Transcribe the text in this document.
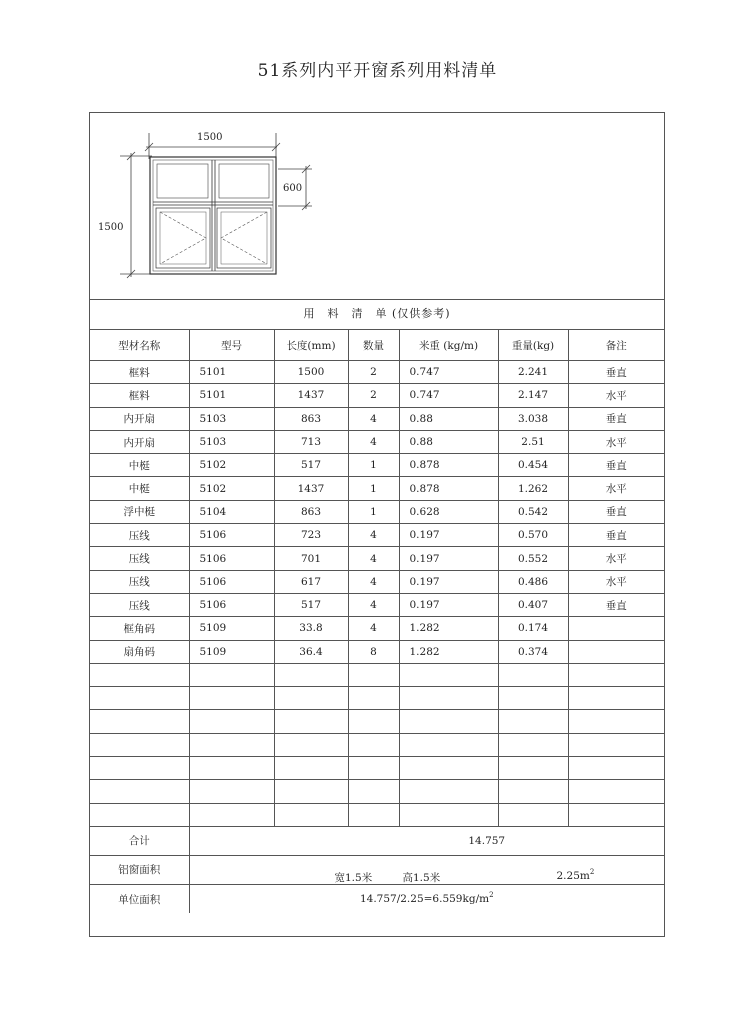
51系列内平开窗系列用料清单
1500
1500
600
用　料　清　单 (仅供参考)
型材名称	型号	长度(mm)	数量	米重 (kg/m)	重量(kg)	备注
框料	5101	1500	2	0.747	2.241	垂直
框料	5101	1437	2	0.747	2.147	水平
内开扇	5103	863	4	0.88	3.038	垂直
内开扇	5103	713	4	0.88	2.51	水平
中梃	5102	517	1	0.878	0.454	垂直
中梃	5102	1437	1	0.878	1.262	水平
浮中梃	5104	863	1	0.628	0.542	垂直
压线	5106	723	4	0.197	0.570	垂直
压线	5106	701	4	0.197	0.552	水平
压线	5106	617	4	0.197	0.486	水平
压线	5106	517	4	0.197	0.407	垂直
框角码	5109	33.8	4	1.282	0.174	
扇角码	5109	36.4	8	1.282	0.374	

合计	14.757					
铝窗面积	宽1.5米 高1.5米 $2.25m^2$

单位面积	$14.757/2.25=6.559kg/m^2$
